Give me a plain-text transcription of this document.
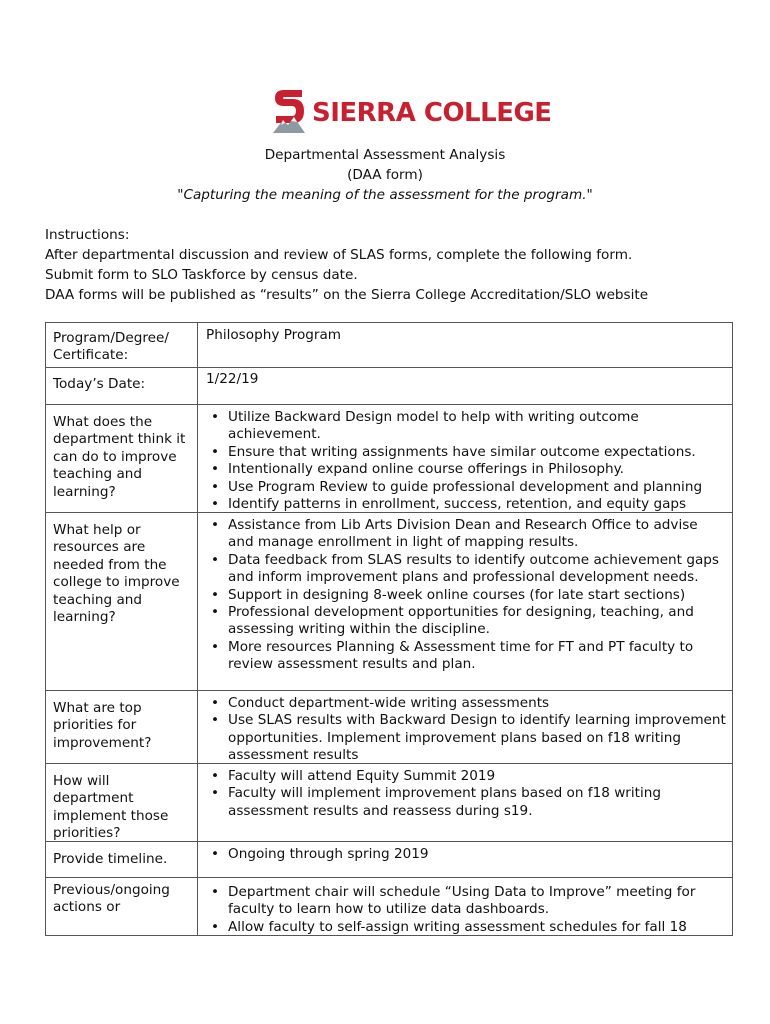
SIERRA COLLEGE
Departmental Assessment Analysis
(DAA form)
"Capturing the meaning of the assessment for the program."
Instructions:
After departmental discussion and review of SLAS forms, complete the following form.
Submit form to SLO Taskforce by census date.
DAA forms will be published as “results” on the Sierra College Accreditation/SLO website
Program/Degree/
Certificate:
Philosophy Program
Today’s Date:	1/22/19
What does the
department think it
can do to improve
teaching and
learning?
• Utilize Backward Design model to help with writing outcome achievement.
• Ensure that writing assignments have similar outcome expectations.
• Intentionally expand online course offerings in Philosophy.
• Use Program Review to guide professional development and planning
• Identify patterns in enrollment, success, retention, and equity gaps
What help or
resources are
needed from the
college to improve
teaching and
learning?
• Assistance from Lib Arts Division Dean and Research Office to advise and manage enrollment in light of mapping results.
• Data feedback from SLAS results to identify outcome achievement gaps and inform improvement plans and professional development needs.
• Support in designing 8-week online courses (for late start sections)
• Professional development opportunities for designing, teaching, and assessing writing within the discipline.
• More resources Planning & Assessment time for FT and PT faculty to review assessment results and plan.
What are top
priorities for
improvement?
• Conduct department-wide writing assessments
• Use SLAS results with Backward Design to identify learning improvement opportunities. Implement improvement plans based on f18 writing assessment results
How will
department
implement those
priorities?
• Faculty will attend Equity Summit 2019
• Faculty will implement improvement plans based on f18 writing assessment results and reassess during s19.
Provide timeline.	• Ongoing through spring 2019
Previous/ongoing
actions or
• Department chair will schedule “Using Data to Improve” meeting for faculty to learn how to utilize data dashboards.
• Allow faculty to self-assign writing assessment schedules for fall 18
